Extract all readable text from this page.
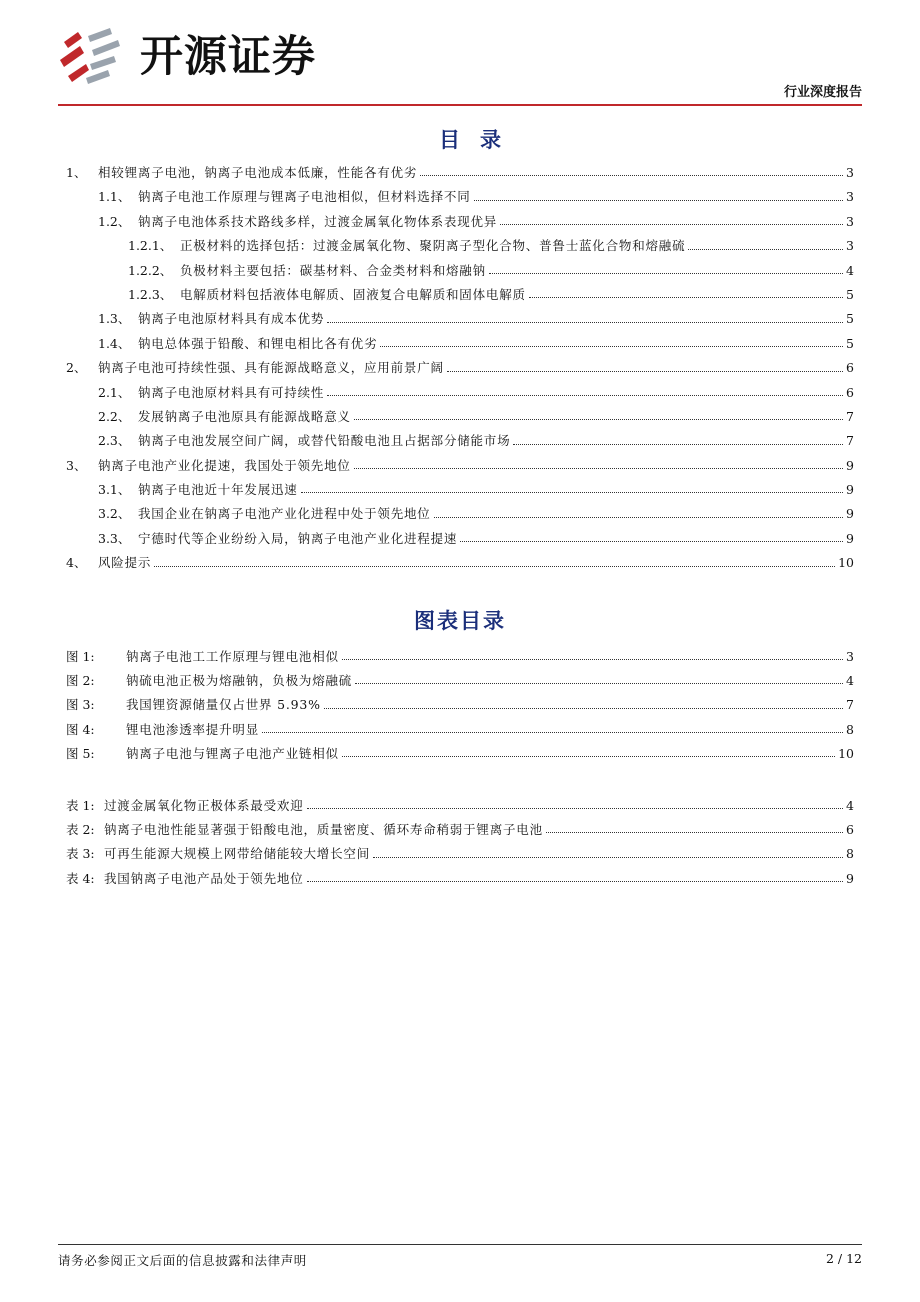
开源证券
行业深度报告
目录
1、 相较锂离子电池，钠离子电池成本低廉，性能各有优劣	3
1.1、 钠离子电池工作原理与锂离子电池相似，但材料选择不同	3
1.2、 钠离子电池体系技术路线多样，过渡金属氧化物体系表现优异	3
1.2.1、 正极材料的选择包括：过渡金属氧化物、聚阴离子型化合物、普鲁士蓝化合物和熔融硫	3
1.2.2、 负极材料主要包括：碳基材料、合金类材料和熔融钠	4
1.2.3、 电解质材料包括液体电解质、固液复合电解质和固体电解质	5
1.3、 钠离子电池原材料具有成本优势	5
1.4、 钠电总体强于铅酸、和锂电相比各有优劣	5
2、 钠离子电池可持续性强、具有能源战略意义，应用前景广阔	6
2.1、 钠离子电池原材料具有可持续性	6
2.2、 发展钠离子电池原具有能源战略意义	7
2.3、 钠离子电池发展空间广阔，或替代铅酸电池且占据部分储能市场	7
3、 钠离子电池产业化提速，我国处于领先地位	9
3.1、 钠离子电池近十年发展迅速	9
3.2、 我国企业在钠离子电池产业化进程中处于领先地位	9
3.3、 宁德时代等企业纷纷入局，钠离子电池产业化进程提速	9
4、 风险提示	10
图表目录
图 1:	钠离子电池工工作原理与锂电池相似	3
图 2:	钠硫电池正极为熔融钠，负极为熔融硫	4
图 3:	我国锂资源储量仅占世界 5.93%	7
图 4:	锂电池渗透率提升明显	8
图 5:	钠离子电池与锂离子电池产业链相似	10
表 1: 过渡金属氧化物正极体系最受欢迎	4
表 2: 钠离子电池性能显著强于铅酸电池，质量密度、循环寿命稍弱于锂离子电池	6
表 3: 可再生能源大规模上网带给储能较大增长空间	8
表 4: 我国钠离子电池产品处于领先地位	9
请务必参阅正文后面的信息披露和法律声明	2 / 12
